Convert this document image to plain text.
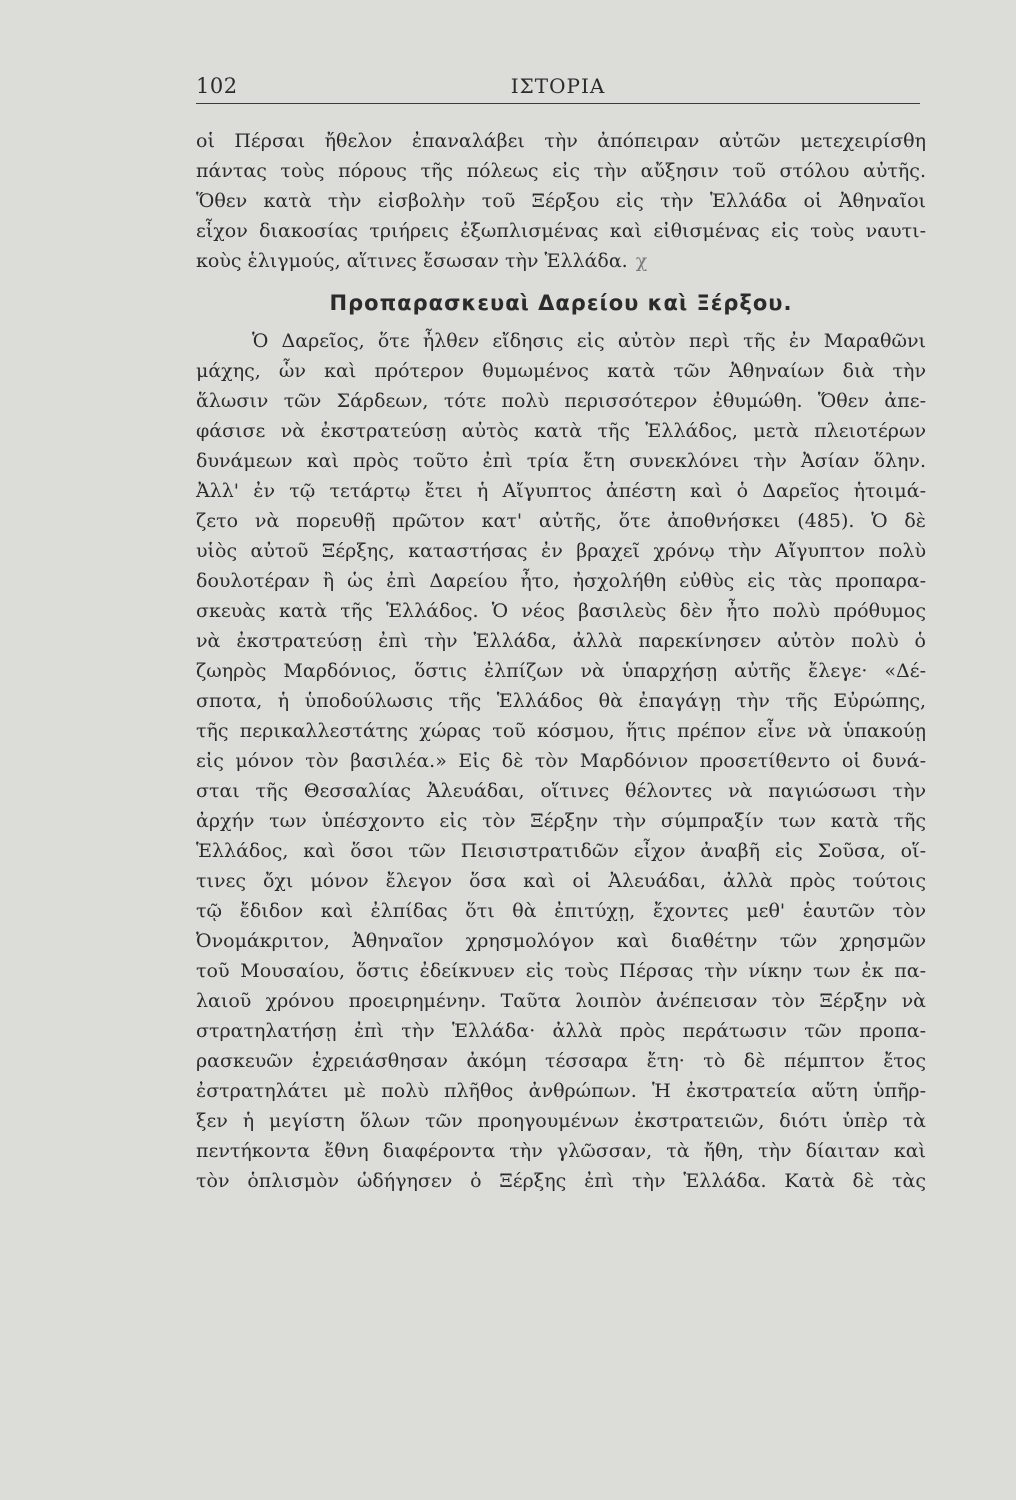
102	ΙΣΤΟΡΙΑ
οἱ Πέρσαι ἤθελον ἐπαναλάβει τὴν ἀπόπειραν αὐτῶν μετεχειρίσθη
πάντας τοὺς πόρους τῆς πόλεως εἰς τὴν αὔξησιν τοῦ στόλου αὐτῆς.
Ὅθεν κατὰ τὴν εἰσβολὴν τοῦ Ξέρξου εἰς τὴν Ἑλλάδα οἱ Ἀθηναῖοι
εἶχον διακοσίας τριήρεις ἐξωπλισμένας καὶ εἰθισμένας εἰς τοὺς ναυτι-
κοὺς ἑλιγμούς, αἵτινες ἔσωσαν τὴν Ἑλλάδα. χ
Προπαρασκευαὶ Δαρείου καὶ Ξέρξου.
Ὁ Δαρεῖος, ὅτε ἦλθεν εἴδησις εἰς αὐτὸν περὶ τῆς ἐν Μαραθῶνι
μάχης, ὧν καὶ πρότερον θυμωμένος κατὰ τῶν Ἀθηναίων διὰ τὴν
ἅλωσιν τῶν Σάρδεων, τότε πολὺ περισσότερον ἐθυμώθη. Ὅθεν ἀπε-
φάσισε νὰ ἐκστρατεύσῃ αὐτὸς κατὰ τῆς Ἑλλάδος, μετὰ πλειοτέρων
δυνάμεων καὶ πρὸς τοῦτο ἐπὶ τρία ἔτη συνεκλόνει τὴν Ἀσίαν ὅλην.
Ἀλλ' ἐν τῷ τετάρτῳ ἔτει ἡ Αἴγυπτος ἀπέστη καὶ ὁ Δαρεῖος ἡτοιμά-
ζετο νὰ πορευθῇ πρῶτον κατ' αὐτῆς, ὅτε ἀποθνήσκει (485). Ὁ δὲ
υἱὸς αὐτοῦ Ξέρξης, καταστήσας ἐν βραχεῖ χρόνῳ τὴν Αἴγυπτον πολὺ
δουλοτέραν ἢ ὡς ἐπὶ Δαρείου ἦτο, ἠσχολήθη εὐθὺς εἰς τὰς προπαρα-
σκευὰς κατὰ τῆς Ἑλλάδος. Ὁ νέος βασιλεὺς δὲν ἦτο πολὺ πρόθυμος
νὰ ἐκστρατεύσῃ ἐπὶ τὴν Ἑλλάδα, ἀλλὰ παρεκίνησεν αὐτὸν πολὺ ὁ
ζωηρὸς Μαρδόνιος, ὅστις ἐλπίζων νὰ ὑπαρχήσῃ αὐτῆς ἔλεγε· «Δέ-
σποτα, ἡ ὑποδούλωσις τῆς Ἑλλάδος θὰ ἐπαγάγῃ τὴν τῆς Εὐρώπης,
τῆς περικαλλεστάτης χώρας τοῦ κόσμου, ἥτις πρέπον εἶνε νὰ ὑπακούῃ
εἰς μόνον τὸν βασιλέα.» Εἰς δὲ τὸν Μαρδόνιον προσετίθεντο οἱ δυνά-
σται τῆς Θεσσαλίας Ἀλευάδαι, οἵτινες θέλοντες νὰ παγιώσωσι τὴν
ἀρχήν των ὑπέσχοντο εἰς τὸν Ξέρξην τὴν σύμπραξίν των κατὰ τῆς
Ἑλλάδος, καὶ ὅσοι τῶν Πεισιστρατιδῶν εἶχον ἀναβῆ εἰς Σοῦσα, οἵ-
τινες ὄχι μόνον ἔλεγον ὅσα καὶ οἱ Ἀλευάδαι, ἀλλὰ πρὸς τούτοις
τῷ ἔδιδον καὶ ἐλπίδας ὅτι θὰ ἐπιτύχῃ, ἔχοντες μεθ' ἑαυτῶν τὸν
Ὀνομάκριτον, Ἀθηναῖον χρησμολόγον καὶ διαθέτην τῶν χρησμῶν
τοῦ Μουσαίου, ὅστις ἐδείκνυεν εἰς τοὺς Πέρσας τὴν νίκην των ἐκ πα-
λαιοῦ χρόνου προειρημένην. Ταῦτα λοιπὸν ἀνέπεισαν τὸν Ξέρξην νὰ
στρατηλατήσῃ ἐπὶ τὴν Ἑλλάδα· ἀλλὰ πρὸς περάτωσιν τῶν προπα-
ρασκευῶν ἐχρειάσθησαν ἀκόμη τέσσαρα ἔτη· τὸ δὲ πέμπτον ἔτος
ἐστρατηλάτει μὲ πολὺ πλῆθος ἀνθρώπων. Ἡ ἐκστρατεία αὕτη ὑπῆρ-
ξεν ἡ μεγίστη ὅλων τῶν προηγουμένων ἐκστρατειῶν, διότι ὑπὲρ τὰ
πεντήκοντα ἔθνη διαφέροντα τὴν γλῶσσαν, τὰ ἤθη, τὴν δίαιταν καὶ
τὸν ὁπλισμὸν ὡδήγησεν ὁ Ξέρξης ἐπὶ τὴν Ἑλλάδα. Κατὰ δὲ τὰς
